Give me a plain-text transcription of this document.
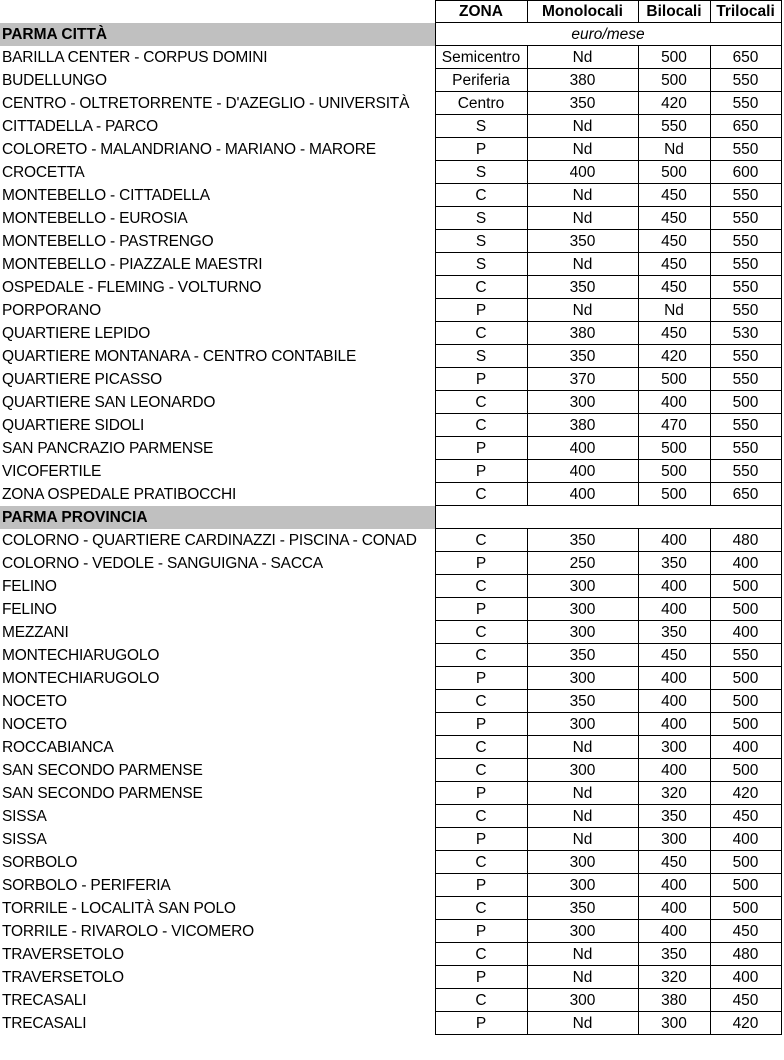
	ZONA	Monolocali	Bilocali	Trilocali
PARMA CITTÀ	euro/mese			
BARILLA CENTER - CORPUS DOMINI	Semicentro	Nd	500	650
BUDELLUNGO	Periferia	380	500	550
CENTRO - OLTRETORRENTE - D'AZEGLIO - UNIVERSITÀ	Centro	350	420	550
CITTADELLA - PARCO	S	Nd	550	650
COLORETO - MALANDRIANO - MARIANO - MARORE	P	Nd	Nd	550
CROCETTA	S	400	500	600
MONTEBELLO - CITTADELLA	C	Nd	450	550
MONTEBELLO - EUROSIA	S	Nd	450	550
MONTEBELLO - PASTRENGO	S	350	450	550
MONTEBELLO - PIAZZALE MAESTRI	S	Nd	450	550
OSPEDALE - FLEMING - VOLTURNO	C	350	450	550
PORPORANO	P	Nd	Nd	550
QUARTIERE LEPIDO	C	380	450	530
QUARTIERE MONTANARA - CENTRO CONTABILE	S	350	420	550
QUARTIERE PICASSO	P	370	500	550
QUARTIERE SAN LEONARDO	C	300	400	500
QUARTIERE SIDOLI	C	380	470	550
SAN PANCRAZIO PARMENSE	P	400	500	550
VICOFERTILE	P	400	500	550
ZONA OSPEDALE PRATIBOCCHI	C	400	500	650
PARMA PROVINCIA				
COLORNO - QUARTIERE CARDINAZZI - PISCINA - CONAD	C	350	400	480
COLORNO - VEDOLE - SANGUIGNA - SACCA	P	250	350	400
FELINO	C	300	400	500
FELINO	P	300	400	500
MEZZANI	C	300	350	400
MONTECHIARUGOLO	C	350	450	550
MONTECHIARUGOLO	P	300	400	500
NOCETO	C	350	400	500
NOCETO	P	300	400	500
ROCCABIANCA	C	Nd	300	400
SAN SECONDO PARMENSE	C	300	400	500
SAN SECONDO PARMENSE	P	Nd	320	420
SISSA	C	Nd	350	450
SISSA	P	Nd	300	400
SORBOLO	C	300	450	500
SORBOLO - PERIFERIA	P	300	400	500
TORRILE - LOCALITÀ SAN POLO	C	350	400	500
TORRILE - RIVAROLO - VICOMERO	P	300	400	450
TRAVERSETOLO	C	Nd	350	480
TRAVERSETOLO	P	Nd	320	400
TRECASALI	C	300	380	450
TRECASALI	P	Nd	300	420
